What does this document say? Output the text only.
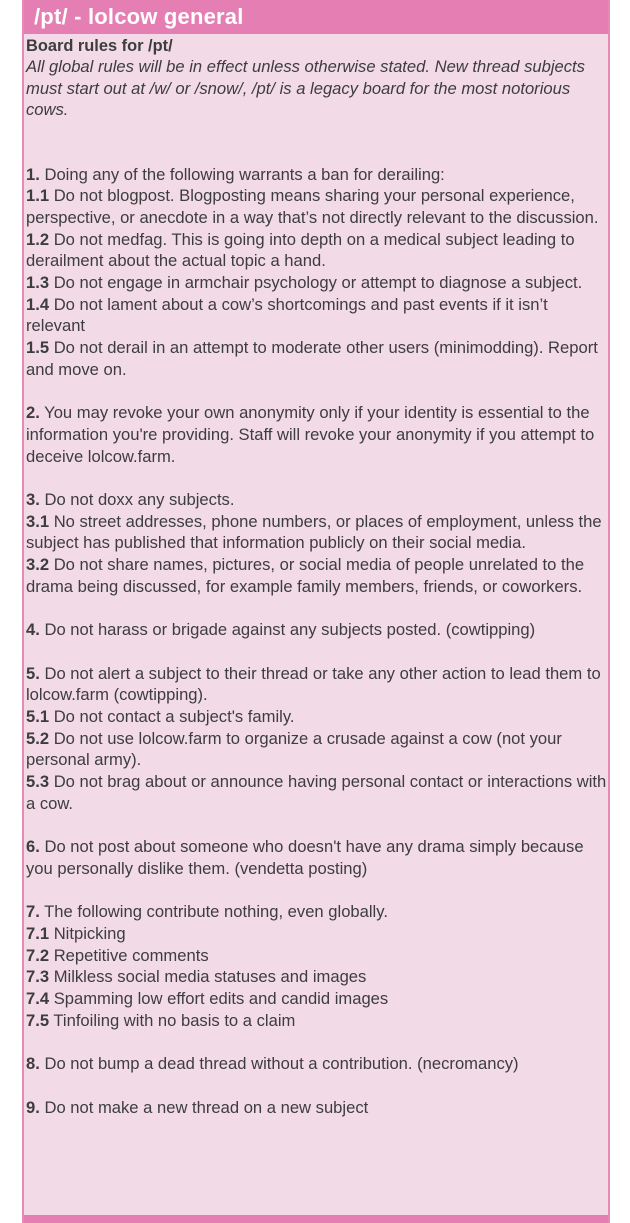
/pt/ - lolcow general

Board rules for /pt/

All global rules will be in effect unless otherwise stated. New thread subjects must start out at /w/ or /snow/, /pt/ is a legacy board for the most notorious cows.

1. Doing any of the following warrants a ban for derailing:
1.1 Do not blogpost. Blogposting means sharing your personal experience, perspective, or anecdote in a way that’s not directly relevant to the discussion.
1.2 Do not medfag. This is going into depth on a medical subject leading to derailment about the actual topic a hand.
1.3 Do not engage in armchair psychology or attempt to diagnose a subject.
1.4 Do not lament about a cow’s shortcomings and past events if it isn’t relevant
1.5 Do not derail in an attempt to moderate other users (minimodding). Report and move on.
2. You may revoke your own anonymity only if your identity is essential to the information you're providing. Staff will revoke your anonymity if you attempt to deceive lolcow.farm.
3. Do not doxx any subjects.
3.1 No street addresses, phone numbers, or places of employment, unless the subject has published that information publicly on their social media.
3.2 Do not share names, pictures, or social media of people unrelated to the drama being discussed, for example family members, friends, or coworkers.
4. Do not harass or brigade against any subjects posted. (cowtipping)
5. Do not alert a subject to their thread or take any other action to lead them to lolcow.farm (cowtipping).
5.1 Do not contact a subject's family.
5.2 Do not use lolcow.farm to organize a crusade against a cow (not your personal army).
5.3 Do not brag about or announce having personal contact or interactions with a cow.
6. Do not post about someone who doesn't have any drama simply because you personally dislike them. (vendetta posting)
7. The following contribute nothing, even globally.
7.1 Nitpicking
7.2 Repetitive comments
7.3 Milkless social media statuses and images
7.4 Spamming low effort edits and candid images
7.5 Tinfoiling with no basis to a claim
8. Do not bump a dead thread without a contribution. (necromancy)
9. Do not make a new thread on a new subject
